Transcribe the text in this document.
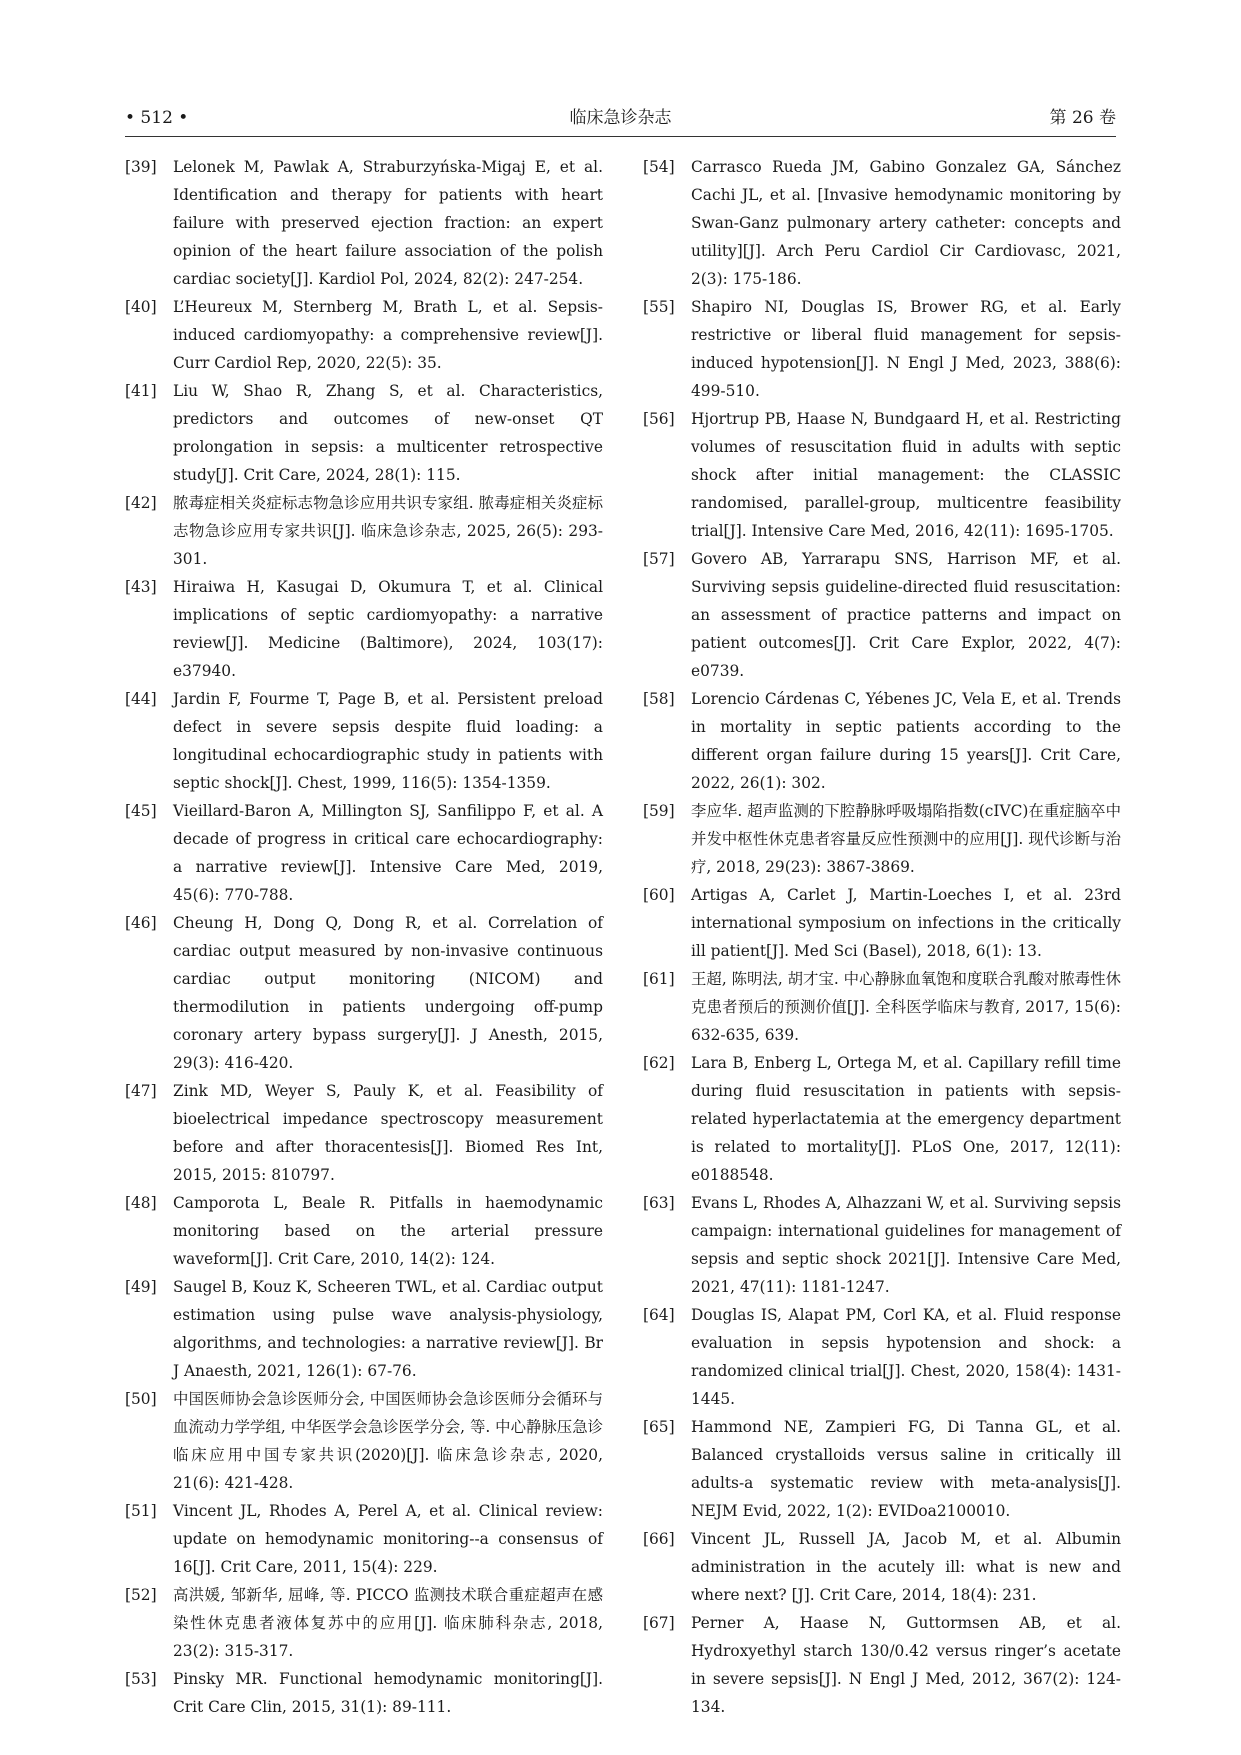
• 512 •	临床急诊杂志	第 26 卷
[39]	Lelonek M, Pawlak A, Straburzyńska-Migaj E, et al. Identification and therapy for patients with heart failure with preserved ejection fraction: an expert opinion of the heart failure association of the polish cardiac society[J]. Kardiol Pol, 2024, 82(2): 247-254.
[40]	L’Heureux M, Sternberg M, Brath L, et al. Sepsis-induced cardiomyopathy: a comprehensive review[J]. Curr Cardiol Rep, 2020, 22(5): 35.
[41]	Liu W, Shao R, Zhang S, et al. Characteristics, predictors and outcomes of new-onset QT prolongation in sepsis: a multicenter retrospective study[J]. Crit Care, 2024, 28(1): 115.
[42]	脓毒症相关炎症标志物急诊应用共识专家组. 脓毒症相关炎症标志物急诊应用专家共识[J]. 临床急诊杂志, 2025, 26(5): 293-301.
[43]	Hiraiwa H, Kasugai D, Okumura T, et al. Clinical implications of septic cardiomyopathy: a narrative review[J]. Medicine (Baltimore), 2024, 103(17): e37940.
[44]	Jardin F, Fourme T, Page B, et al. Persistent preload defect in severe sepsis despite fluid loading: a longitudinal echocardiographic study in patients with septic shock[J]. Chest, 1999, 116(5): 1354-1359.
[45]	Vieillard-Baron A, Millington SJ, Sanfilippo F, et al. A decade of progress in critical care echocardiography: a narrative review[J]. Intensive Care Med, 2019, 45(6): 770-788.
[46]	Cheung H, Dong Q, Dong R, et al. Correlation of cardiac output measured by non-invasive continuous cardiac output monitoring (NICOM) and thermodilution in patients undergoing off-pump coronary artery bypass surgery[J]. J Anesth, 2015, 29(3): 416-420.
[47]	Zink MD, Weyer S, Pauly K, et al. Feasibility of bioelectrical impedance spectroscopy measurement before and after thoracentesis[J]. Biomed Res Int, 2015, 2015: 810797.
[48]	Camporota L, Beale R. Pitfalls in haemodynamic monitoring based on the arterial pressure waveform[J]. Crit Care, 2010, 14(2): 124.
[49]	Saugel B, Kouz K, Scheeren TWL, et al. Cardiac output estimation using pulse wave analysis-physiology, algorithms, and technologies: a narrative review[J]. Br J Anaesth, 2021, 126(1): 67-76.
[50]	中国医师协会急诊医师分会, 中国医师协会急诊医师分会循环与血流动力学学组, 中华医学会急诊医学分会, 等. 中心静脉压急诊临床应用中国专家共识(2020)[J]. 临床急诊杂志, 2020, 21(6): 421-428.
[51]	Vincent JL, Rhodes A, Perel A, et al. Clinical review: update on hemodynamic monitoring--a consensus of 16[J]. Crit Care, 2011, 15(4): 229.
[52]	高洪媛, 邹新华, 屈峰, 等. PICCO 监测技术联合重症超声在感染性休克患者液体复苏中的应用[J]. 临床肺科杂志, 2018, 23(2): 315-317.
[53]	Pinsky MR. Functional hemodynamic monitoring[J]. Crit Care Clin, 2015, 31(1): 89-111.
[54]	Carrasco Rueda JM, Gabino Gonzalez GA, Sánchez Cachi JL, et al. [Invasive hemodynamic monitoring by Swan-Ganz pulmonary artery catheter: concepts and utility][J]. Arch Peru Cardiol Cir Cardiovasc, 2021, 2(3): 175-186.
[55]	Shapiro NI, Douglas IS, Brower RG, et al. Early restrictive or liberal fluid management for sepsis-induced hypotension[J]. N Engl J Med, 2023, 388(6): 499-510.
[56]	Hjortrup PB, Haase N, Bundgaard H, et al. Restricting volumes of resuscitation fluid in adults with septic shock after initial management: the CLASSIC randomised, parallel-group, multicentre feasibility trial[J]. Intensive Care Med, 2016, 42(11): 1695-1705.
[57]	Govero AB, Yarrarapu SNS, Harrison MF, et al. Surviving sepsis guideline-directed fluid resuscitation: an assessment of practice patterns and impact on patient outcomes[J]. Crit Care Explor, 2022, 4(7): e0739.
[58]	Lorencio Cárdenas C, Yébenes JC, Vela E, et al. Trends in mortality in septic patients according to the different organ failure during 15 years[J]. Crit Care, 2022, 26(1): 302.
[59]	李应华. 超声监测的下腔静脉呼吸塌陷指数(cIVC)在重症脑卒中并发中枢性休克患者容量反应性预测中的应用[J]. 现代诊断与治疗, 2018, 29(23): 3867-3869.
[60]	Artigas A, Carlet J, Martin-Loeches I, et al. 23rd international symposium on infections in the critically ill patient[J]. Med Sci (Basel), 2018, 6(1): 13.
[61]	王超, 陈明法, 胡才宝. 中心静脉血氧饱和度联合乳酸对脓毒性休克患者预后的预测价值[J]. 全科医学临床与教育, 2017, 15(6): 632-635, 639.
[62]	Lara B, Enberg L, Ortega M, et al. Capillary refill time during fluid resuscitation in patients with sepsis-related hyperlactatemia at the emergency department is related to mortality[J]. PLoS One, 2017, 12(11): e0188548.
[63]	Evans L, Rhodes A, Alhazzani W, et al. Surviving sepsis campaign: international guidelines for management of sepsis and septic shock 2021[J]. Intensive Care Med, 2021, 47(11): 1181-1247.
[64]	Douglas IS, Alapat PM, Corl KA, et al. Fluid response evaluation in sepsis hypotension and shock: a randomized clinical trial[J]. Chest, 2020, 158(4): 1431-1445.
[65]	Hammond NE, Zampieri FG, Di Tanna GL, et al. Balanced crystalloids versus saline in critically ill adults-a systematic review with meta-analysis[J]. NEJM Evid, 2022, 1(2): EVIDoa2100010.
[66]	Vincent JL, Russell JA, Jacob M, et al. Albumin administration in the acutely ill: what is new and where next? [J]. Crit Care, 2014, 18(4): 231.
[67]	Perner A, Haase N, Guttormsen AB, et al. Hydroxyethyl starch 130/0.42 versus ringer’s acetate in severe sepsis[J]. N Engl J Med, 2012, 367(2): 124-134.
